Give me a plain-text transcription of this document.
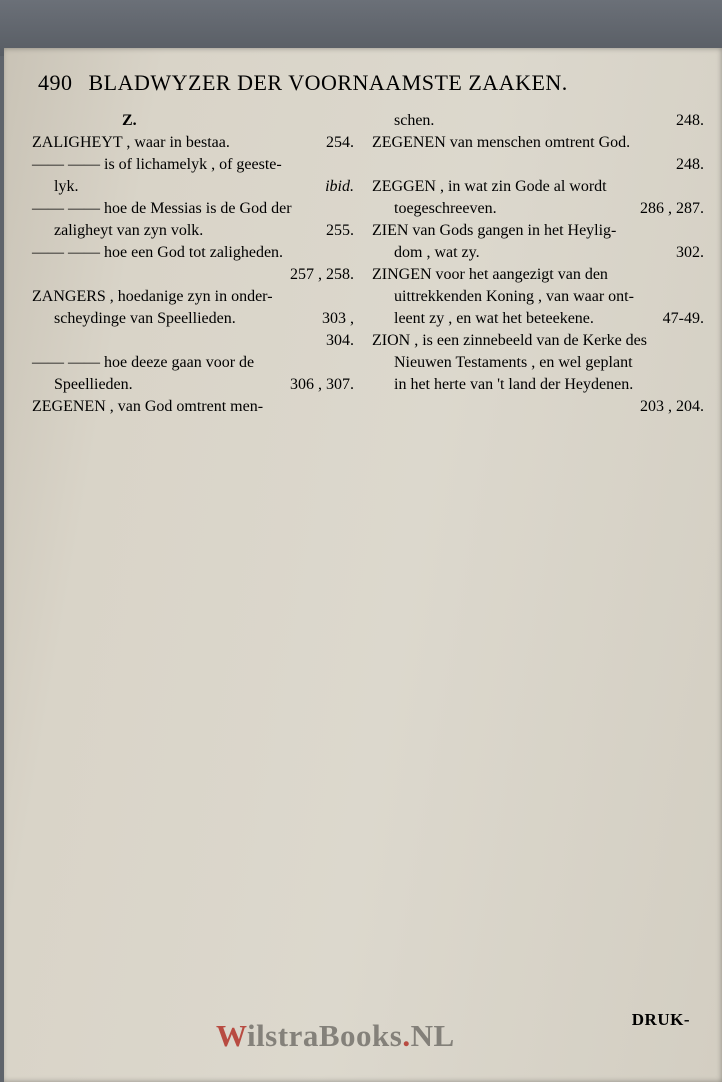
490 BLADWYZER DER VOORNAAMSTE ZAAKEN.
Z.
ZALIGHEYT , waar in bestaa.	254.
—— —— is of lichamelyk , of geeste-
lyk.	ibid.
—— —— hoe de Messias is de God der
zaligheyt van zyn volk.	255.
—— —— hoe een God tot zaligheden.
257 , 258.
ZANGERS , hoedanige zyn in onder-
scheydinge van Speellieden.	303 ,
304.
—— —— hoe deeze gaan voor de
Speellieden.	306 , 307.
ZEGENEN , van God omtrent men-
schen.	248.
ZEGENEN van menschen omtrent God.
248.
ZEGGEN , in wat zin Gode al wordt
toegeschreeven.	286 , 287.
ZIEN van Gods gangen in het Heylig-
dom , wat zy.	302.
ZINGEN voor het aangezigt van den
uittrekkenden Koning , van waar ont-
leent zy , en wat het beteekene.	47-49.
ZION , is een zinnebeeld van de Kerke des
Nieuwen Testaments , en wel geplant
in het herte van 't land der Heydenen.
203 , 204.
DRUK-
WilstraBooks.NL
